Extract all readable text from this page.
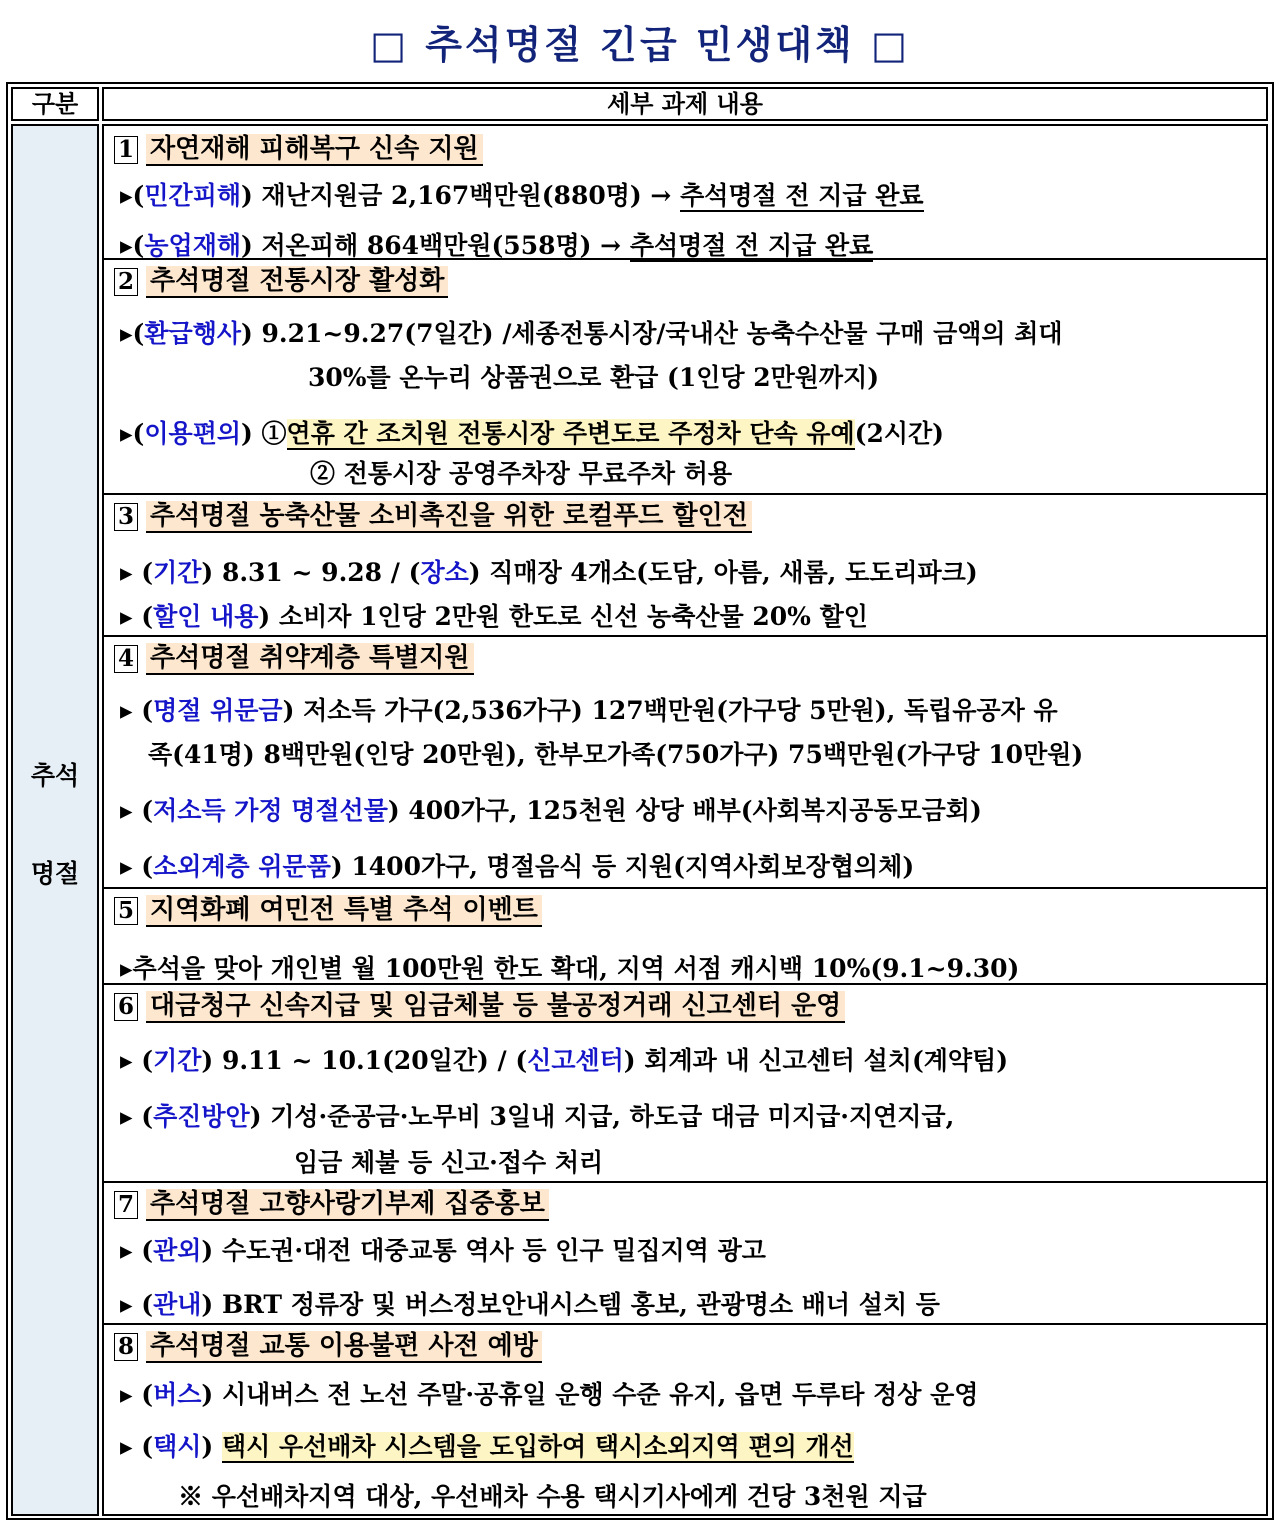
□ 추석명절 긴급 민생대책 □
구분	세부 과제 내용
추석
명절
1 자연재해 피해복구 신속 지원
▸(민간피해) 재난지원금 2,167백만원(880명) → 추석명절 전 지급 완료
▸(농업재해) 저온피해 864백만원(558명) → 추석명절 전 지급 완료
2 추석명절 전통시장 활성화
▸(환급행사) 9.21~9.27(7일간) /세종전통시장/국내산 농축수산물 구매 금액의 최대
30%를 온누리 상품권으로 환급 (1인당 2만원까지)
▸(이용편의) ①연휴 간 조치원 전통시장 주변도로 주정차 단속 유예(2시간)
② 전통시장 공영주차장 무료주차 허용
3 추석명절 농축산물 소비촉진을 위한 로컬푸드 할인전
▸ (기간) 8.31 ~ 9.28 / (장소) 직매장 4개소(도담, 아름, 새롬, 도도리파크)
▸ (할인 내용) 소비자 1인당 2만원 한도로 신선 농축산물 20% 할인
4 추석명절 취약계층 특별지원
▸ (명절 위문금) 저소득 가구(2,536가구) 127백만원(가구당 5만원), 독립유공자 유
족(41명) 8백만원(인당 20만원), 한부모가족(750가구) 75백만원(가구당 10만원)
▸ (저소득 가정 명절선물) 400가구, 125천원 상당 배부(사회복지공동모금회)
▸ (소외계층 위문품) 1400가구, 명절음식 등 지원(지역사회보장협의체)
5 지역화폐 여민전 특별 추석 이벤트
▸추석을 맞아 개인별 월 100만원 한도 확대, 지역 서점 캐시백 10%(9.1~9.30)
6 대금청구 신속지급 및 임금체불 등 불공정거래 신고센터 운영
▸ (기간) 9.11 ~ 10.1(20일간) / (신고센터) 회계과 내 신고센터 설치(계약팀)
▸ (추진방안) 기성·준공금·노무비 3일내 지급, 하도급 대금 미지급·지연지급,
임금 체불 등 신고·접수 처리
7 추석명절 고향사랑기부제 집중홍보
▸ (관외) 수도권·대전 대중교통 역사 등 인구 밀집지역 광고
▸ (관내) BRT 정류장 및 버스정보안내시스템 홍보, 관광명소 배너 설치 등
8 추석명절 교통 이용불편 사전 예방
▸ (버스) 시내버스 전 노선 주말·공휴일 운행 수준 유지, 읍면 두루타 정상 운영
▸ (택시) 택시 우선배차 시스템을 도입하여 택시소외지역 편의 개선
※ 우선배차지역 대상, 우선배차 수용 택시기사에게 건당 3천원 지급
